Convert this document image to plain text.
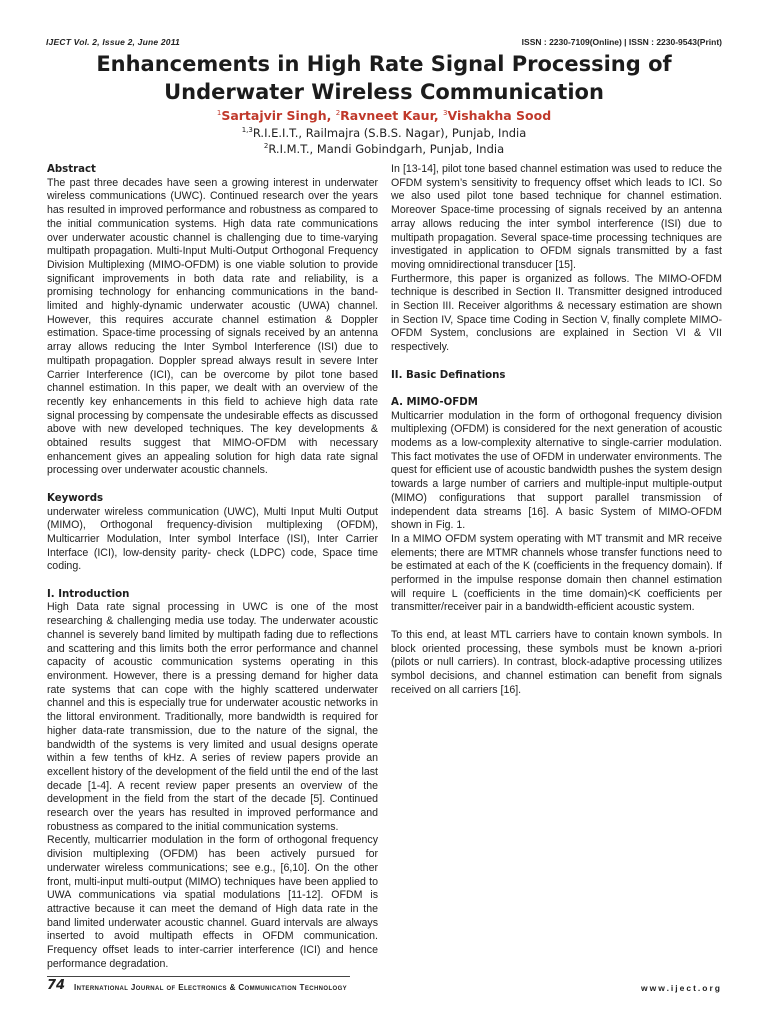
IJECT Vol. 2, Issue 2, June 2011	ISSN : 2230-7109(Online) | ISSN : 2230-9543(Print)
Enhancements in High Rate Signal Processing of
Underwater Wireless Communication
$^1$Sartajvir Singh, $^2$Ravneet Kaur, $^3$Vishakha Sood
$^{1,3}$R.I.E.I.T., Railmajra (S.B.S. Nagar), Punjab, India
$^2$R.I.M.T., Mandi Gobindgarh, Punjab, India

Abstract

The past three decades have seen a growing interest in underwater wireless communications (UWC). Continued research over the years has resulted in improved performance and robustness as compared to the initial communication systems. High data rate communications over underwater acoustic channel is challenging due to time-varying multipath propagation. Multi-Input Multi-Output Orthogonal Frequency Division Multiplexing (MIMO-OFDM) is one viable solution to provide significant improvements in both data rate and reliability, is a promising technology for enhancing communications in the band-limited and highly-dynamic underwater acoustic (UWA) channel. However, this requires accurate channel estimation & Doppler estimation. Space-time processing of signals received by an antenna array allows reducing the Inter Symbol Interference (ISI) due to multipath propagation. Doppler spread always result in severe Inter Carrier Interference (ICI), can be overcome by pilot tone based channel estimation. In this paper, we dealt with an overview of the recently key enhancements in this field to achieve high data rate signal processing by compensate the undesirable effects as discussed above with new developed techniques. The key developments & obtained results suggest that MIMO-OFDM with necessary enhancement gives an appealing solution for high data rate signal processing over underwater acoustic channels.

Keywords

underwater wireless communication (UWC), Multi Input Multi Output (MIMO), Orthogonal frequency-division multiplexing (OFDM), Multicarrier Modulation, Inter symbol Interface (ISI), Inter Carrier Interface (ICI), low-density parity- check (LDPC) code, Space time coding.

I. Introduction

High Data rate signal processing in UWC is one of the most researching & challenging media use today. The underwater acoustic channel is severely band limited by multipath fading due to reflections and scattering and this limits both the error performance and channel capacity of acoustic communication systems operating in this environment. However, there is a pressing demand for higher data rate systems that can cope with the highly scattered underwater channel and this is especially true for underwater acoustic networks in the littoral environment. Traditionally, more bandwidth is required for higher data-rate transmission, due to the nature of the signal, the bandwidth of the systems is very limited and usual designs operate within a few tenths of kHz. A series of review papers provide an excellent history of the development of the field until the end of the last decade [1-4]. A recent review paper presents an overview of the development in the field from the start of the decade [5]. Continued research over the years has resulted in improved performance and robustness as compared to the initial communication systems.

Recently, multicarrier modulation in the form of orthogonal frequency division multiplexing (OFDM) has been actively pursued for underwater wireless communications; see e.g., [6,10]. On the other front, multi-input multi-output (MIMO) techniques have been applied to UWA communications via spatial modulations [11-12]. OFDM is attractive because it can meet the demand of High data rate in the band limited underwater acoustic channel. Guard intervals are always inserted to avoid multipath effects in OFDM communication. Frequency offset leads to inter-carrier interference (ICI) and hence performance degradation.

In [13-14], pilot tone based channel estimation was used to reduce the OFDM system’s sensitivity to frequency offset which leads to ICI. So we also used pilot tone based technique for channel estimation. Moreover Space-time processing of signals received by an antenna array allows reducing the inter symbol interference (ISI) due to multipath propagation. Several space-time processing techniques are investigated in application to OFDM signals transmitted by a fast moving omnidirectional transducer [15].

Furthermore, this paper is organized as follows. The MIMO-OFDM technique is described in Section II. Transmitter designed introduced in Section III. Receiver algorithms & necessary estimation are shown in Section IV, Space time Coding in Section V, finally complete MIMO-OFDM System, conclusions are explained in Section VI & VII respectively.

II. Basic Definations

A. MIMO-OFDM

Multicarrier modulation in the form of orthogonal frequency division multiplexing (OFDM) is considered for the next generation of acoustic modems as a low-complexity alternative to single-carrier modulation. This fact motivates the use of OFDM in underwater environments. The quest for efficient use of acoustic bandwidth pushes the system design towards a large number of carriers and multiple-input multiple-output (MIMO) configurations that support parallel transmission of independent data streams [16]. A basic System of MIMO-OFDM shown in Fig. 1.

In a MIMO OFDM system operating with MT transmit and MR receive elements; there are MTMR channels whose transfer functions need to be estimated at each of the K (coefficients in the frequency domain). If performed in the impulse response domain then channel estimation will require L (coefficients in the time domain)<K coefficients per transmitter/receiver pair in a bandwidth-efficient acoustic system.

To this end, at least MTL carriers have to contain known symbols. In block oriented processing, these symbols must be known a-priori (pilots or null carriers). In contrast, block-adaptive processing utilizes symbol decisions, and channel estimation can benefit from signals received on all carriers [16].

74 International Journal of Electronics & Communication Technology	www.iject.org
